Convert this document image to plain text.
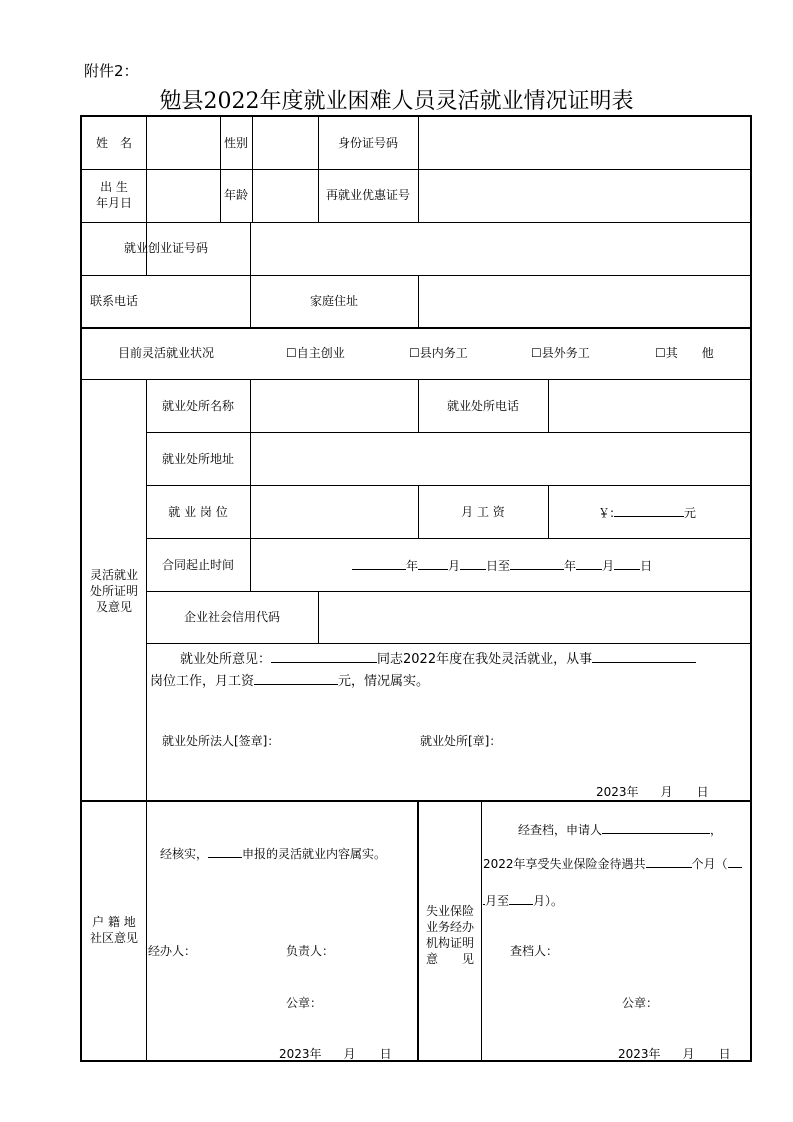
附件2：
勉县2022年度就业困难人员灵活就业情况证明表
姓　名	性别	身份证号码
出 生
年月日
年龄	再就业优惠证号
就业创业证号码
联系电话	家庭住址
目前灵活就业状况	☐自主创业	☐县内务工	☐县外务工	☐其　　他
灵活就业
处所证明
及意见
就业处所名称	就业处所电话
就业处所地址
就 业 岗 位	月 工 资	￥:	元
合同起止时间	年	月 日至	年 月 日
企业社会信用代码
就业处所意见：	同志2022年度在我处灵活就业，从事
岗位工作，月工资	元，情况属实。
就业处所法人[签章]：	就业处所[章]：
2023年 月 日
户 籍 地
社区意见
经核实，	申报的灵活就业内容属实。
经办人：	负责人：
公章：
2023年 月 日
失业保险
业务经办
机构证明
意　　见
经查档，申请人	，
2022年享受失业保险金待遇共	个月（
月至 月）。
查档人：
公章：
2023年 月 日
